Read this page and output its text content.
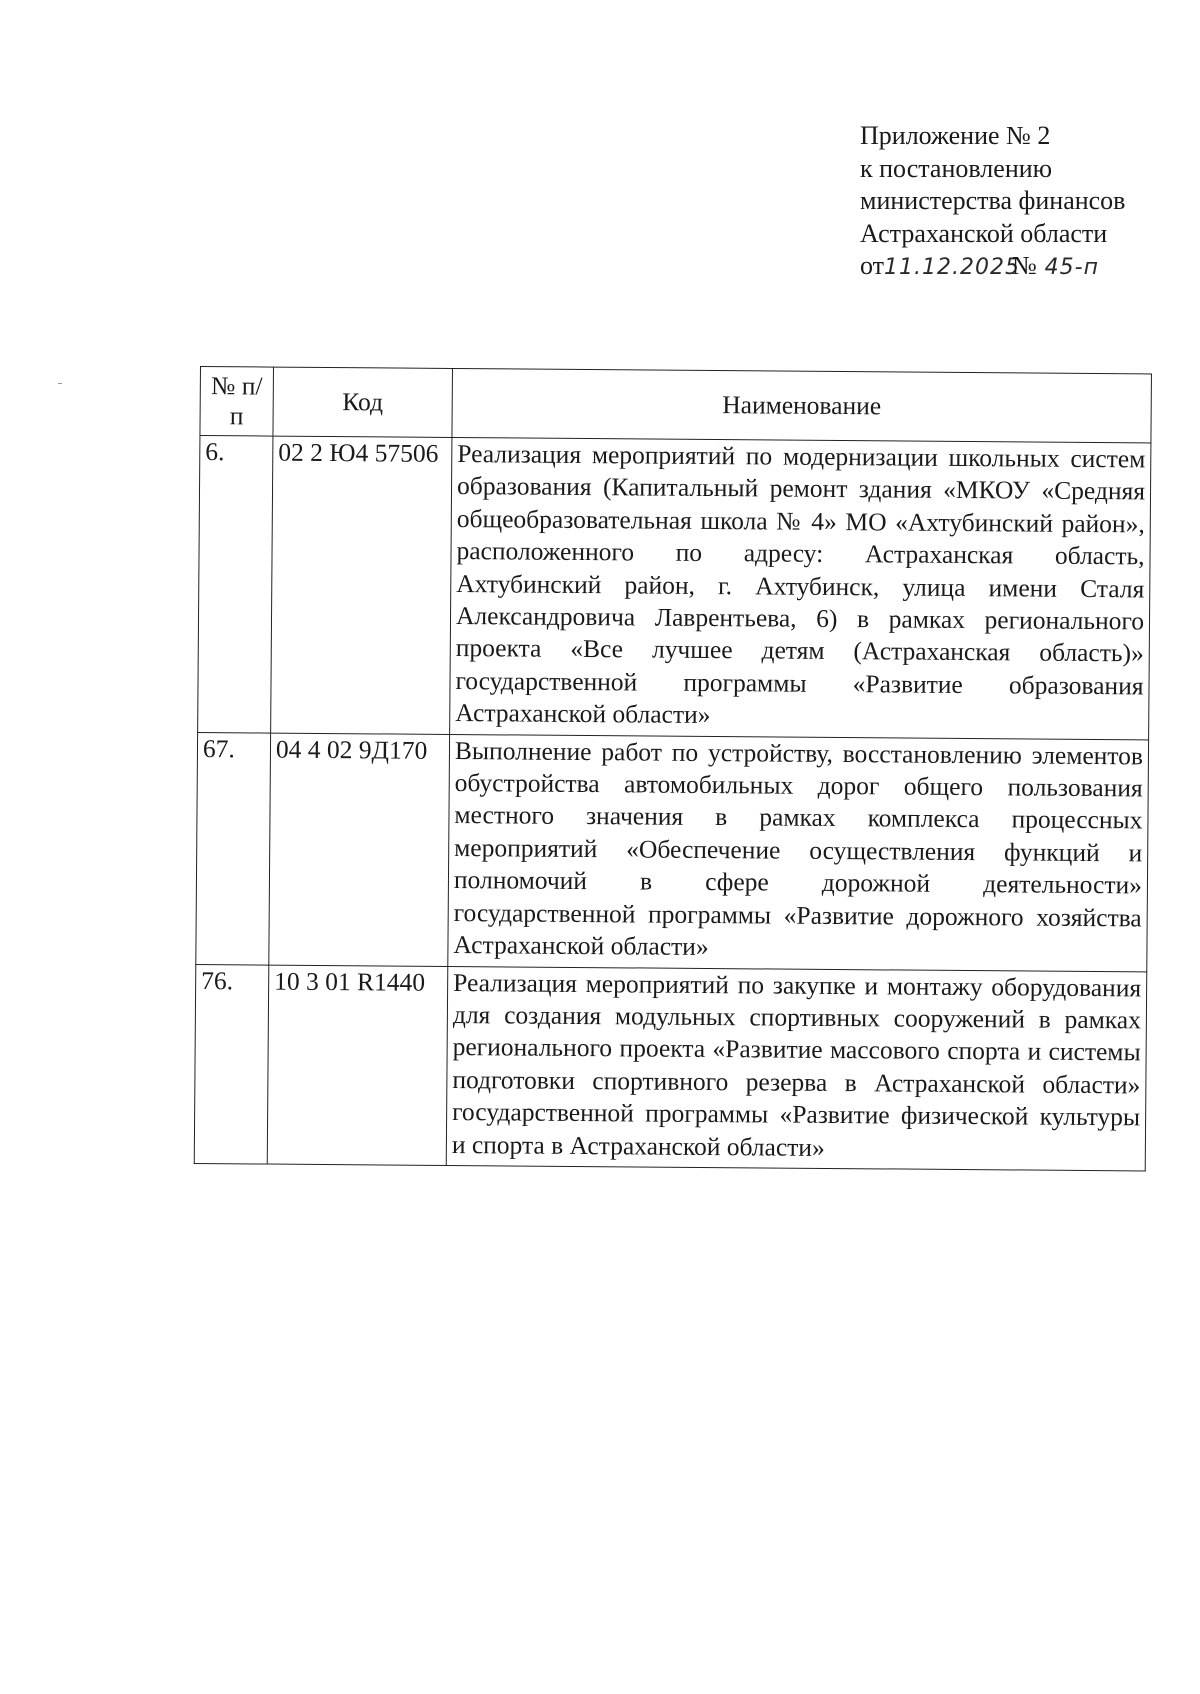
Приложение № 2
к постановлению
министерства финансов
Астраханской области
от11.12.2025№ 45-п
№ п/п	Код	Наименование
6.	02 2 Ю4 57506	Реализация мероприятий по модернизации школьных систем образования (Капитальный ремонт здания «МКОУ «Средняя общеобразовательная школа № 4» МО «Ахтубинский район», расположенного по адресу: Астраханская область, Ахтубинский район, г. Ахтубинск, улица имени Сталя Александровича Лаврентьева, 6) в рамках регионального проекта «Все лучшее детям (Астраханская область)» государственной программы «Развитие образования Астраханской области»
67.	04 4 02 9Д170	Выполнение работ по устройству, восстановлению элементов обустройства автомобильных дорог общего пользования местного значения в рамках комплекса процессных мероприятий «Обеспечение осуществления функций и полномочий в сфере дорожной деятельности» государственной программы «Развитие дорожного хозяйства Астраханской области»
76.	10 3 01 R1440	Реализация мероприятий по закупке и монтажу оборудования для создания модульных спортивных сооружений в рамках регионального проекта «Развитие массового спорта и системы подготовки спортивного резерва в Астраханской области» государственной программы «Развитие физической культуры и спорта в Астраханской области»
